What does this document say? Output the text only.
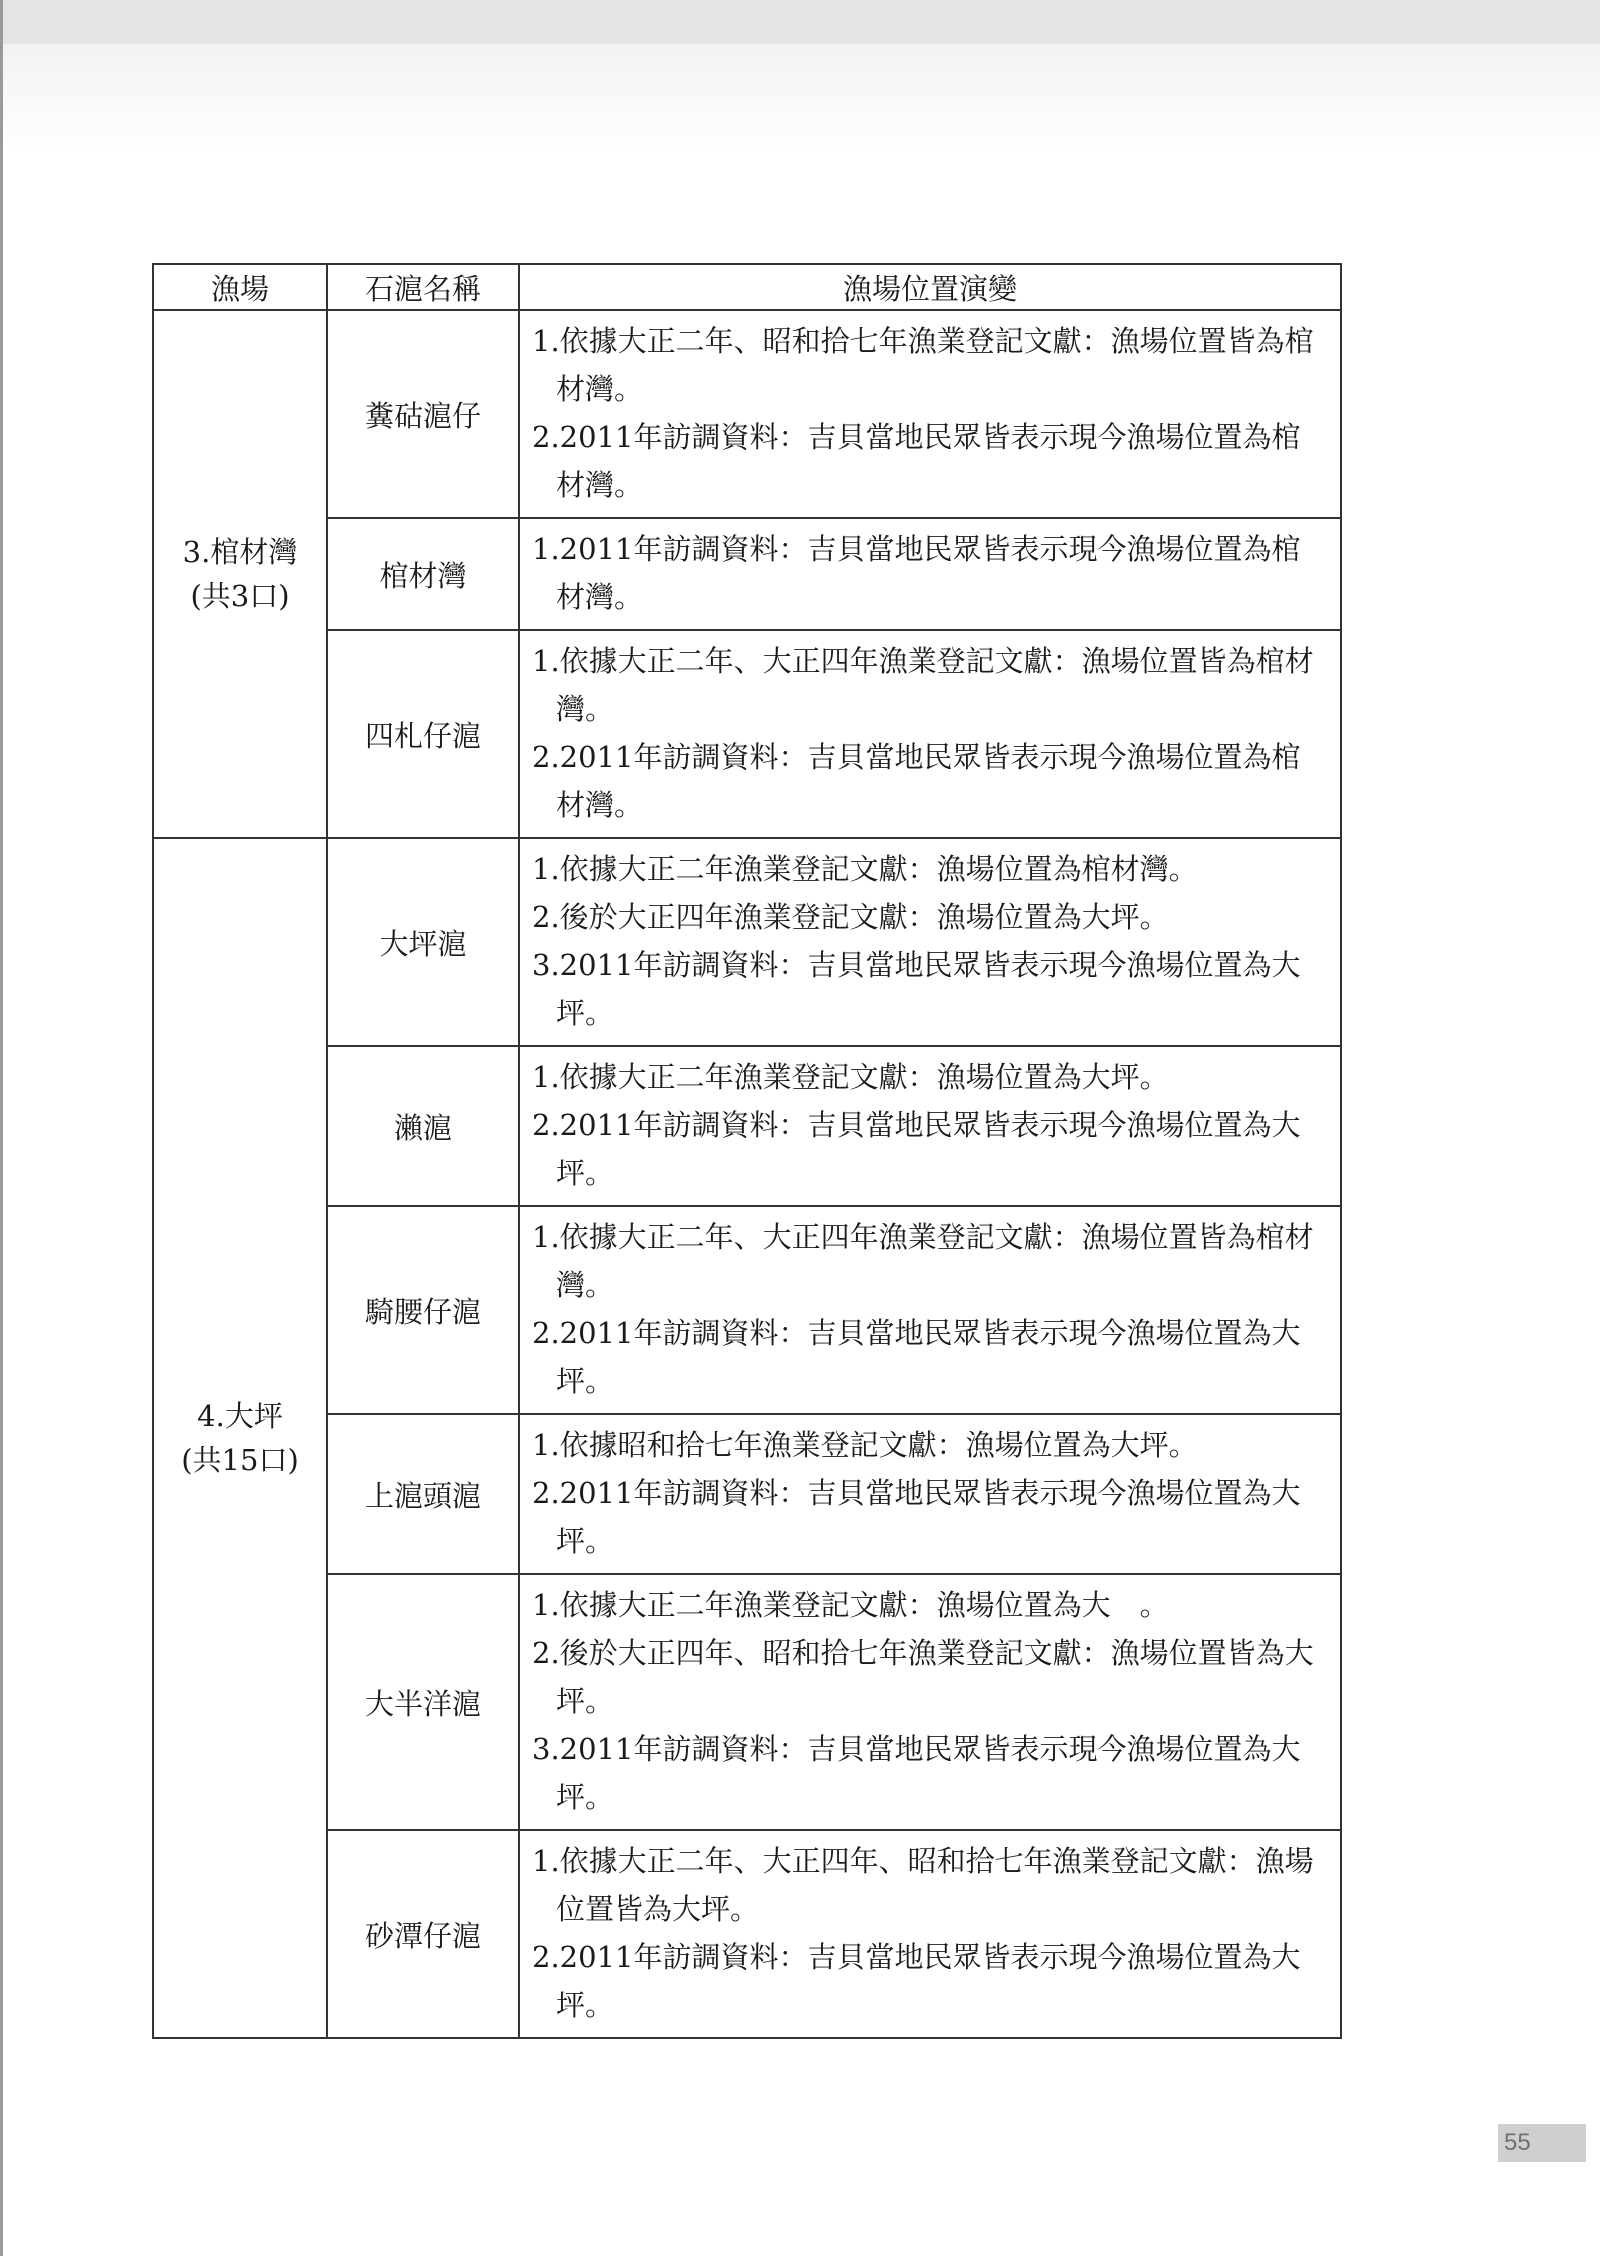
漁場	石滬名稱	漁場位置演變

3.棺材灣
(共3口)	糞𥑮滬仔	1.依據大正二年、昭和拾七年漁業登記文獻：漁場位置皆為棺材灣。
2.2011年訪調資料：吉貝當地民眾皆表示現今漁場位置為棺材灣。

	棺材灣	1.2011年訪調資料：吉貝當地民眾皆表示現今漁場位置為棺材灣。

	四札仔滬	1.依據大正二年、大正四年漁業登記文獻：漁場位置皆為棺材灣。
2.2011年訪調資料：吉貝當地民眾皆表示現今漁場位置為棺材灣。

4.大坪
(共15口)	大坪滬	1.依據大正二年漁業登記文獻：漁場位置為棺材灣。
2.後於大正四年漁業登記文獻：漁場位置為大坪。
3.2011年訪調資料：吉貝當地民眾皆表示現今漁場位置為大坪。

	瀨滬	1.依據大正二年漁業登記文獻：漁場位置為大坪。
2.2011年訪調資料：吉貝當地民眾皆表示現今漁場位置為大坪。

	騎腰仔滬	1.依據大正二年、大正四年漁業登記文獻：漁場位置皆為棺材灣。
2.2011年訪調資料：吉貝當地民眾皆表示現今漁場位置為大坪。

	上滬頭滬	1.依據昭和拾七年漁業登記文獻：漁場位置為大坪。
2.2011年訪調資料：吉貝當地民眾皆表示現今漁場位置為大坪。

	大半洋滬	1.依據大正二年漁業登記文獻：漁場位置為大　。
2.後於大正四年、昭和拾七年漁業登記文獻：漁場位置皆為大坪。
3.2011年訪調資料：吉貝當地民眾皆表示現今漁場位置為大坪。

	砂潭仔滬	1.依據大正二年、大正四年、昭和拾七年漁業登記文獻：漁場位置皆為大坪。
2.2011年訪調資料：吉貝當地民眾皆表示現今漁場位置為大坪。
55
